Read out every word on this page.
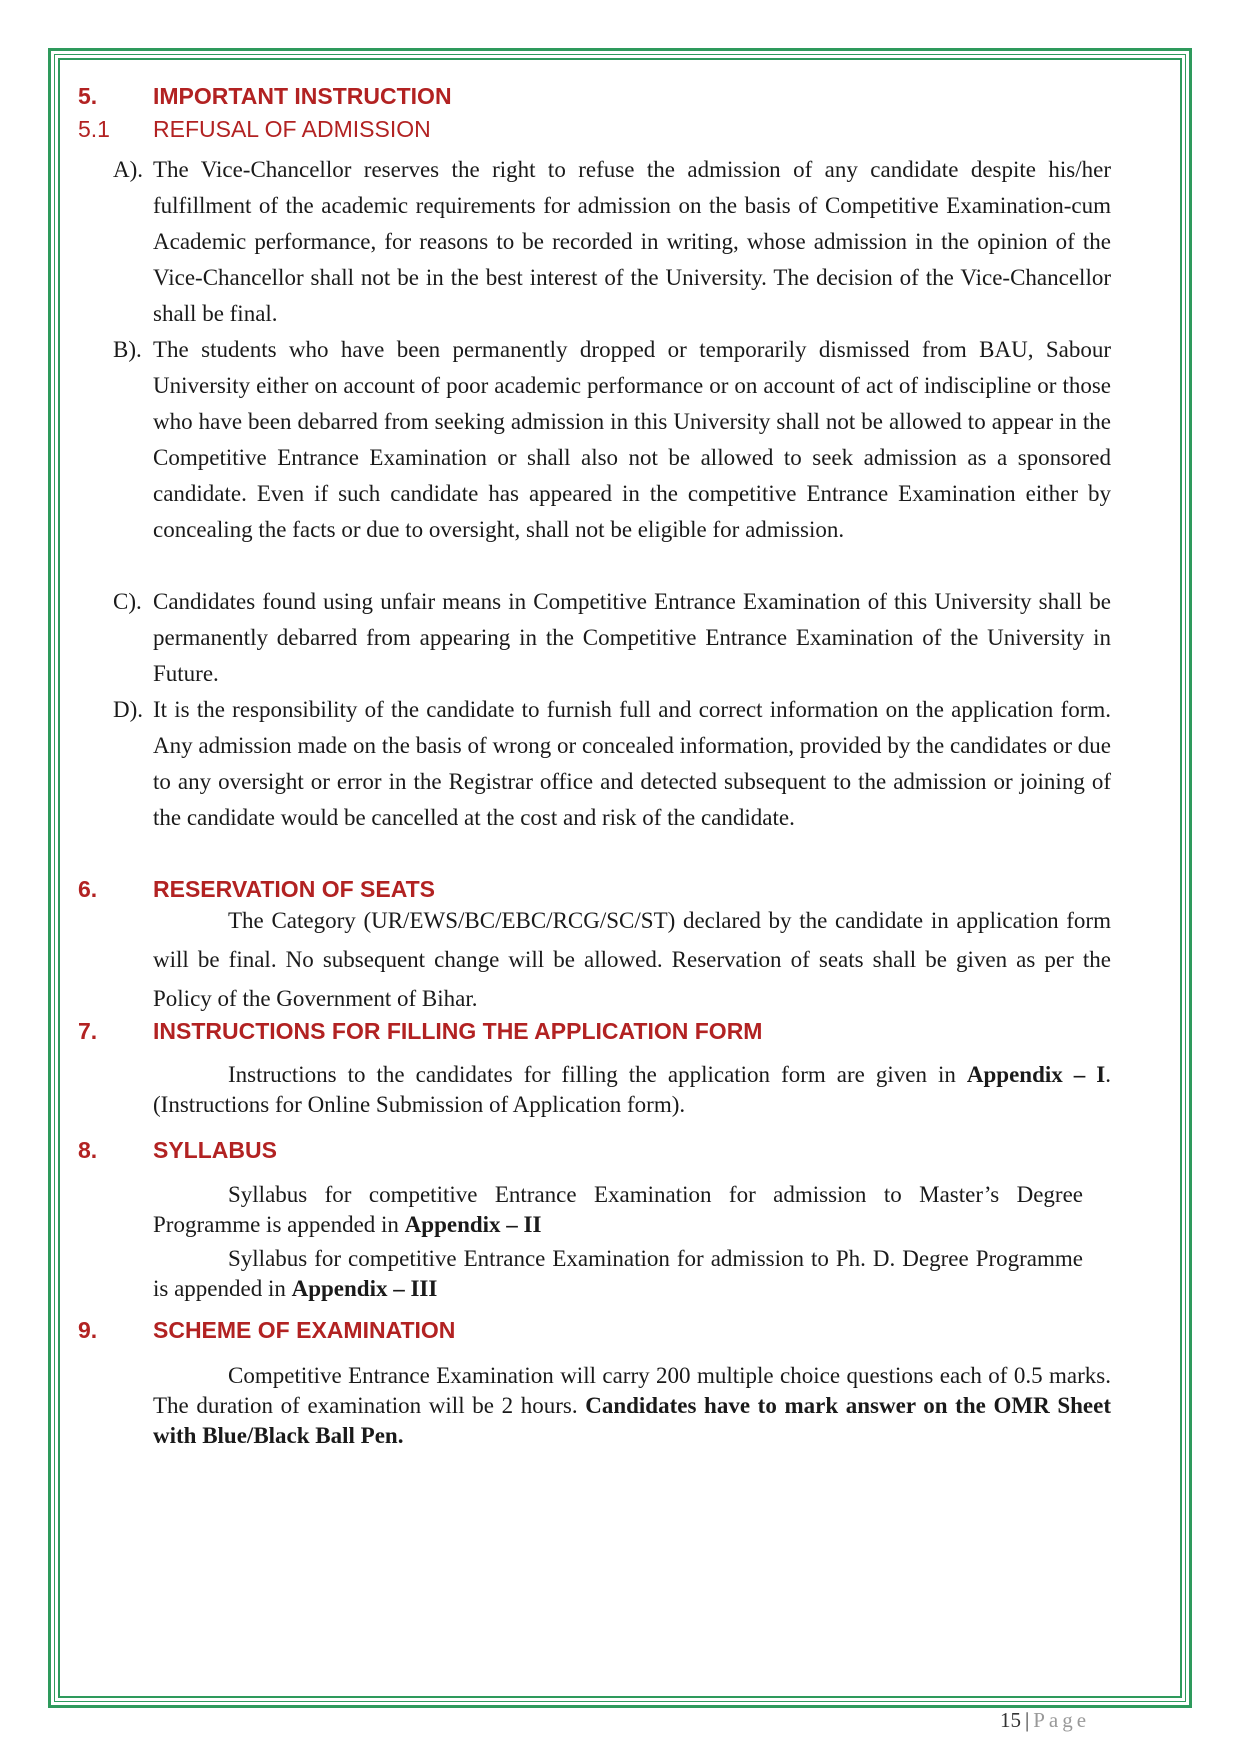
5. IMPORTANT INSTRUCTION
5.1 REFUSAL OF ADMISSION
A). The Vice-Chancellor reserves the right to refuse the admission of any candidate despite his/her fulfillment of the academic requirements for admission on the basis of Competitive Examination-cum Academic performance, for reasons to be recorded in writing, whose admission in the opinion of the Vice-Chancellor shall not be in the best interest of the University. The decision of the Vice-Chancellor shall be final.
B). The students who have been permanently dropped or temporarily dismissed from BAU, Sabour University either on account of poor academic performance or on account of act of indiscipline or those who have been debarred from seeking admission in this University shall not be allowed to appear in the Competitive Entrance Examination or shall also not be allowed to seek admission as a sponsored candidate. Even if such candidate has appeared in the competitive Entrance Examination either by concealing the facts or due to oversight, shall not be eligible for admission.
C). Candidates found using unfair means in Competitive Entrance Examination of this University shall be permanently debarred from appearing in the Competitive Entrance Examination of the University in Future.
D). It is the responsibility of the candidate to furnish full and correct information on the application form. Any admission made on the basis of wrong or concealed information, provided by the candidates or due to any oversight or error in the Registrar office and detected subsequent to the admission or joining of the candidate would be cancelled at the cost and risk of the candidate.
6. RESERVATION OF SEATS
The Category (UR/EWS/BC/EBC/RCG/SC/ST) declared by the candidate in application form will be final. No subsequent change will be allowed. Reservation of seats shall be given as per the Policy of the Government of Bihar.
7. INSTRUCTIONS FOR FILLING THE APPLICATION FORM
Instructions to the candidates for filling the application form are given in Appendix – I. (Instructions for Online Submission of Application form).
8. SYLLABUS
Syllabus for competitive Entrance Examination for admission to Master’s Degree Programme is appended in Appendix – II
Syllabus for competitive Entrance Examination for admission to Ph. D. Degree Programme is appended in Appendix – III
9. SCHEME OF EXAMINATION
Competitive Entrance Examination will carry 200 multiple choice questions each of 0.5 marks. The duration of examination will be 2 hours. Candidates have to mark answer on the OMR Sheet with Blue/Black Ball Pen.
15 | Page
